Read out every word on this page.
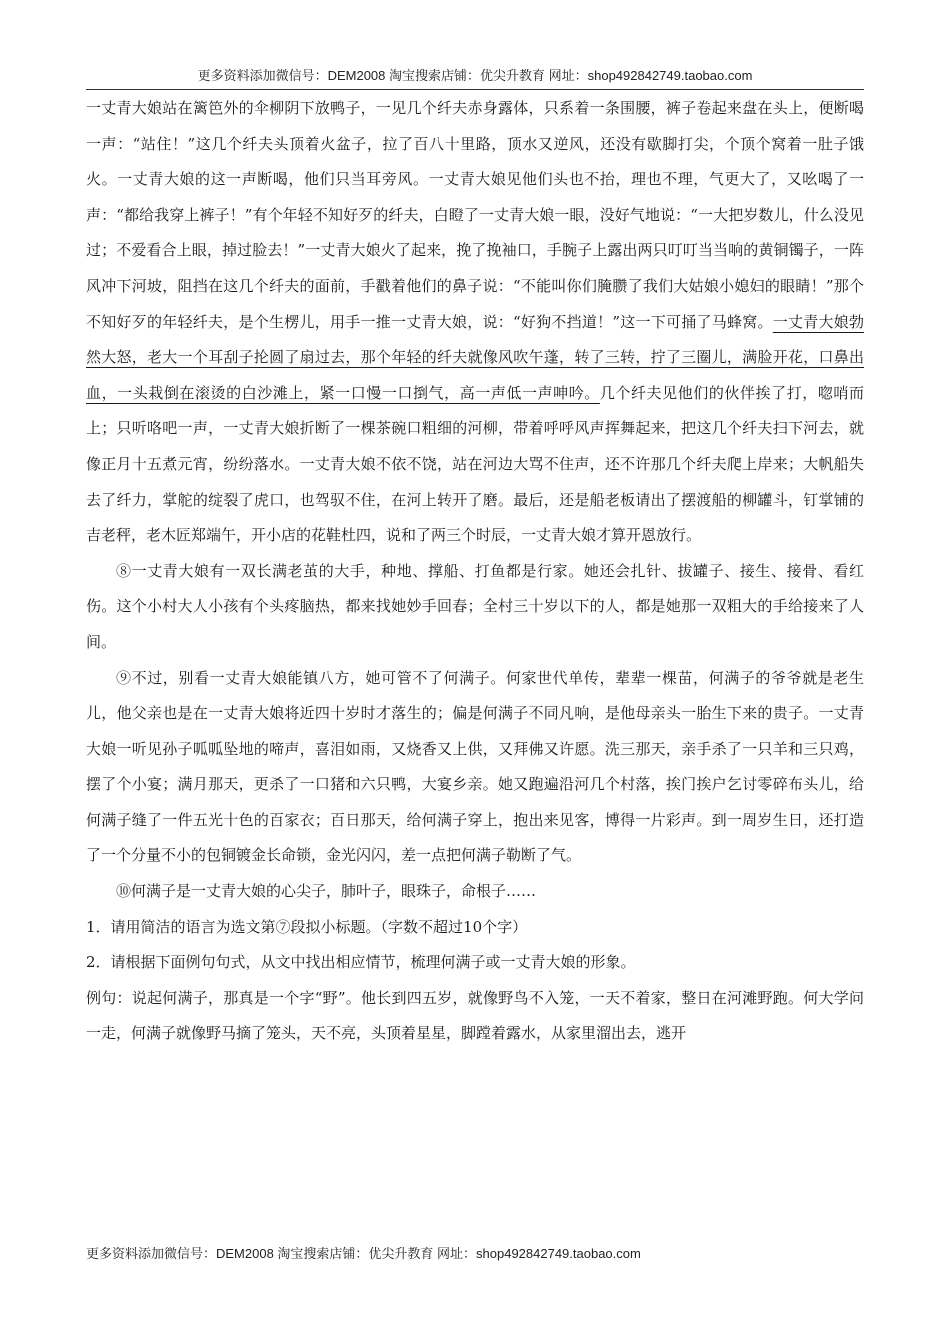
更多资料添加微信号：DEM2008 淘宝搜索店铺：优尖升教育 网址：shop492842749.taobao.com

一丈青大娘站在篱笆外的伞柳阴下放鸭子，一见几个纤夫赤身露体，只系着一条围腰，裤子卷起来盘在头上，便断喝一声：“站住！”这几个纤夫头顶着火盆子，拉了百八十里路，顶水又逆风，还没有歇脚打尖，个顶个窝着一肚子饿火。一丈青大娘的这一声断喝，他们只当耳旁风。一丈青大娘见他们头也不抬，理也不理，气更大了，又吆喝了一声：“都给我穿上裤子！”有个年轻不知好歹的纤夫，白瞪了一丈青大娘一眼，没好气地说：“一大把岁数儿，什么没见过；不爱看合上眼，掉过脸去！”一丈青大娘火了起来，挽了挽袖口，手腕子上露出两只叮叮当当响的黄铜镯子，一阵风冲下河坡，阻挡在这几个纤夫的面前，手戳着他们的鼻子说：“不能叫你们腌臜了我们大姑娘小媳妇的眼睛！”那个不知好歹的年轻纤夫，是个生楞儿，用手一推一丈青大娘，说：“好狗不挡道！”这一下可捅了马蜂窝。一丈青大娘勃然大怒，老大一个耳刮子抡圆了扇过去，那个年轻的纤夫就像风吹午蓬，转了三转，拧了三圈儿，满脸开花，口鼻出血，一头栽倒在滚烫的白沙滩上，紧一口慢一口捯气，高一声低一声呻吟。几个纤夫见他们的伙伴挨了打，唿哨而上；只听咯吧一声，一丈青大娘折断了一棵茶碗口粗细的河柳，带着呼呼风声挥舞起来，把这几个纤夫扫下河去，就像正月十五煮元宵，纷纷落水。一丈青大娘不依不饶，站在河边大骂不住声，还不许那几个纤夫爬上岸来；大帆船失去了纤力，掌舵的绽裂了虎口，也驾驭不住，在河上转开了磨。最后，还是船老板请出了摆渡船的柳罐斗，钉掌铺的吉老秤，老木匠郑端午，开小店的花鞋杜四，说和了两三个时辰，一丈青大娘才算开恩放行。

⑧一丈青大娘有一双长满老茧的大手，种地、撑船、打鱼都是行家。她还会扎针、拔罐子、接生、接骨、看红伤。这个小村大人小孩有个头疼脑热，都来找她妙手回春；全村三十岁以下的人，都是她那一双粗大的手给接来了人间。

⑨不过，别看一丈青大娘能镇八方，她可管不了何满子。何家世代单传，辈辈一棵苗，何满子的爷爷就是老生儿，他父亲也是在一丈青大娘将近四十岁时才落生的；偏是何满子不同凡响，是他母亲头一胎生下来的贵子。一丈青大娘一听见孙子呱呱坠地的啼声，喜泪如雨，又烧香又上供，又拜佛又许愿。洗三那天，亲手杀了一只羊和三只鸡，摆了个小宴；满月那天，更杀了一口猪和六只鸭，大宴乡亲。她又跑遍沿河几个村落，挨门挨户乞讨零碎布头儿，给何满子缝了一件五光十色的百家衣；百日那天，给何满子穿上，抱出来见客，博得一片彩声。到一周岁生日，还打造了一个分量不小的包铜镀金长命锁，金光闪闪，差一点把何满子勒断了气。

⑩何满子是一丈青大娘的心尖子，肺叶子，眼珠子，命根子……

1．请用简洁的语言为选文第⑦段拟小标题。（字数不超过10个字）

2．请根据下面例句句式，从文中找出相应情节，梳理何满子或一丈青大娘的形象。

例句：说起何满子，那真是一个字“野”。他长到四五岁，就像野鸟不入笼，一天不着家，整日在河滩野跑。何大学问一走，何满子就像野马摘了笼头，天不亮，头顶着星星，脚蹚着露水，从家里溜出去，逃开

更多资料添加微信号：DEM2008 淘宝搜索店铺：优尖升教育 网址：shop492842749.taobao.com
